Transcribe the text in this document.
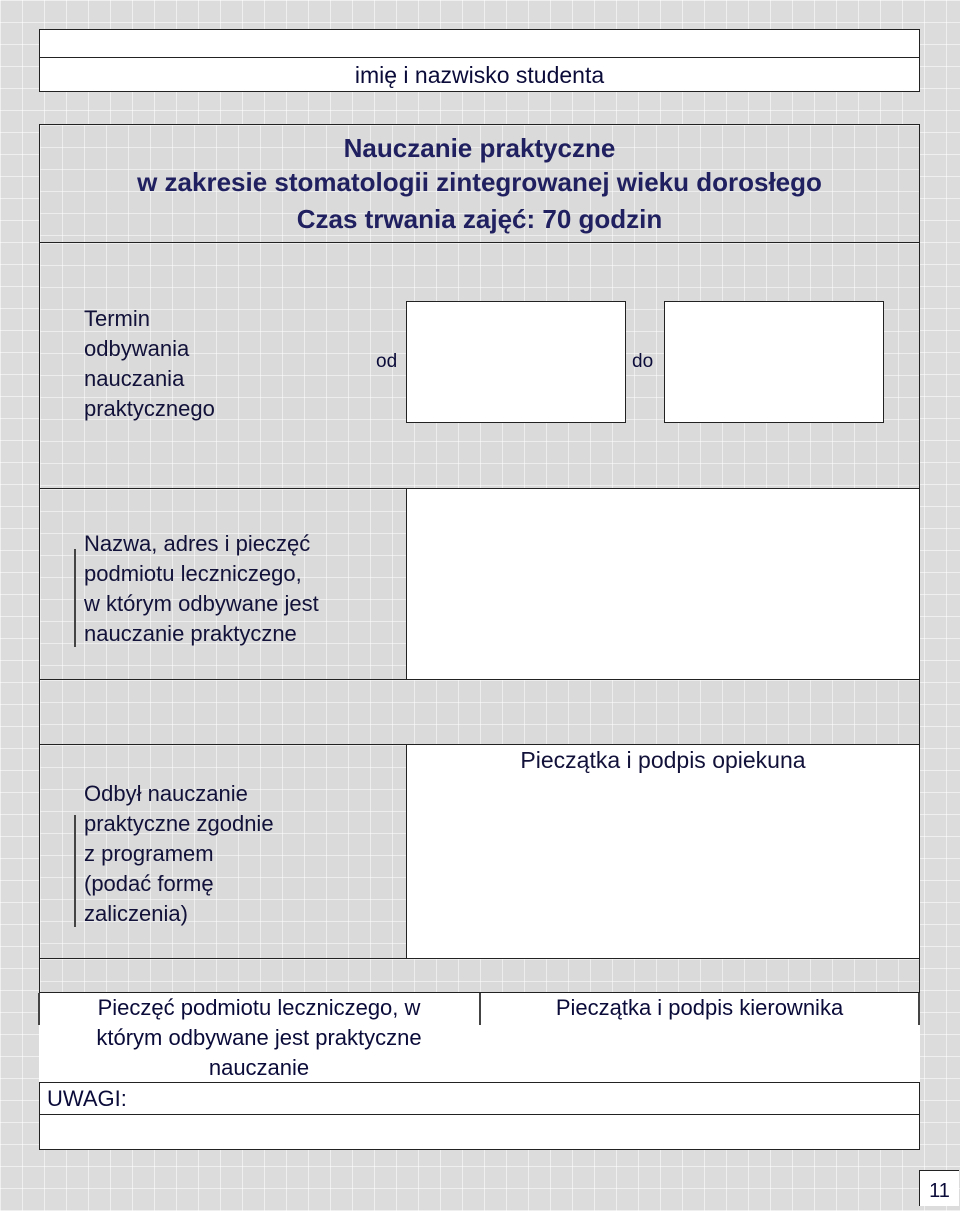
imię i nazwisko studenta
Nauczanie praktyczne
w zakresie stomatologii zintegrowanej wieku dorosłego
Czas trwania zajęć: 70 godzin
Termin
odbywania
nauczania
praktycznego
od	do
Nazwa, adres i pieczęć
podmiotu leczniczego,
w którym odbywane jest
nauczanie praktyczne
Odbył nauczanie
praktyczne zgodnie
z programem
(podać formę
zaliczenia)
Pieczątka i podpis opiekuna
Pieczęć podmiotu leczniczego, w
którym odbywane jest praktyczne
nauczanie
Pieczątka i podpis kierownika
UWAGI:
11
